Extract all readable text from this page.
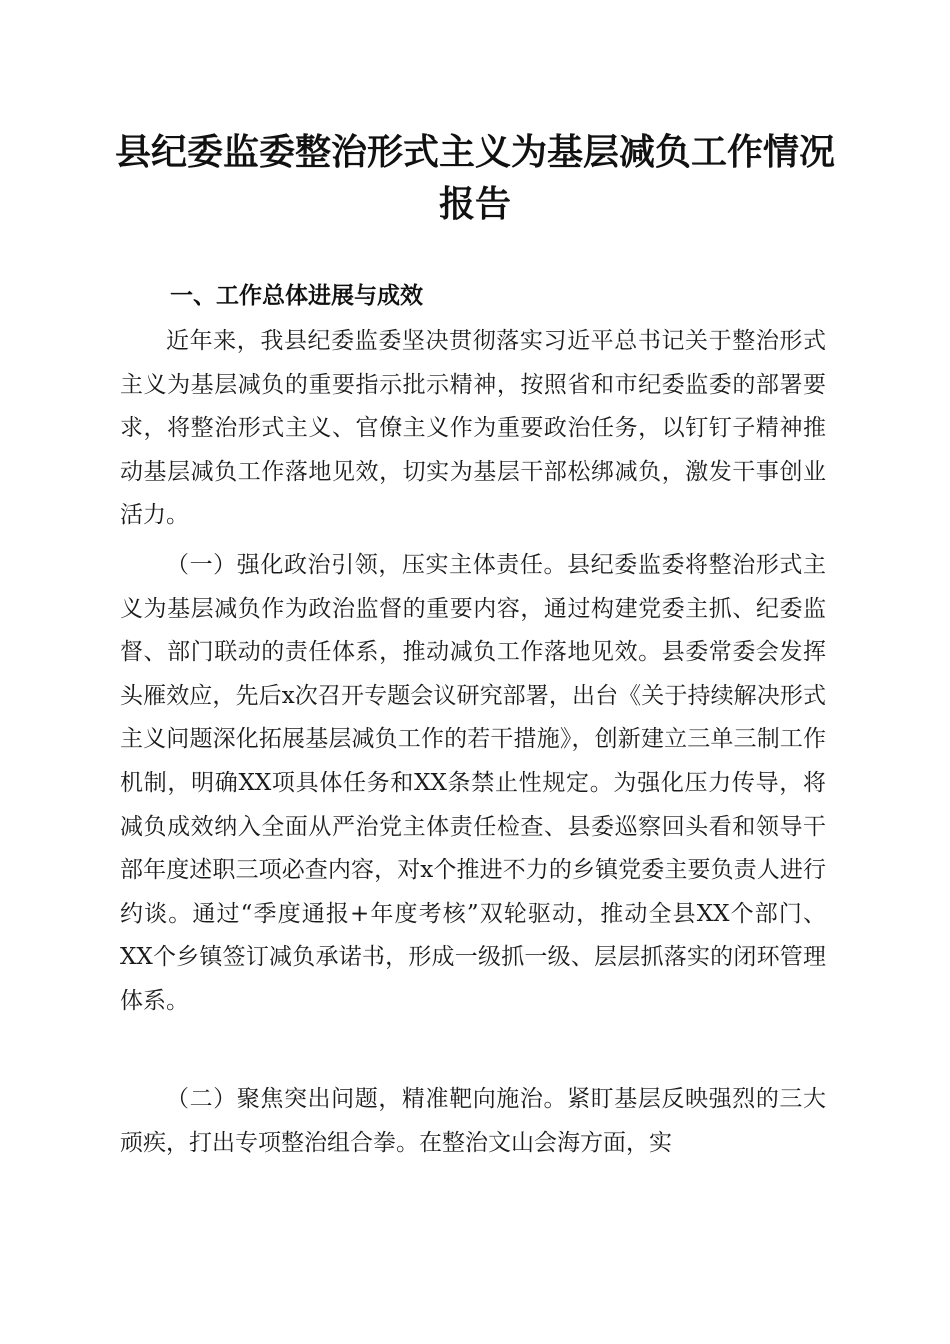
县纪委监委整治形式主义为基层减负工作情况报告
一、工作总体进展与成效

近年来，我县纪委监委坚决贯彻落实习近平总书记关于整治形式主义为基层减负的重要指示批示精神，按照省和市纪委监委的部署要求，将整治形式主义、官僚主义作为重要政治任务，以钉钉子精神推动基层减负工作落地见效，切实为基层干部松绑减负，激发干事创业活力。

（一）强化政治引领，压实主体责任。县纪委监委将整治形式主义为基层减负作为政治监督的重要内容，通过构建党委主抓、纪委监督、部门联动的责任体系，推动减负工作落地见效。县委常委会发挥头雁效应，先后x次召开专题会议研究部署，出台《关于持续解决形式主义问题深化拓展基层减负工作的若干措施》，创新建立三单三制工作机制，明确XX项具体任务和XX条禁止性规定。为强化压力传导，将减负成效纳入全面从严治党主体责任检查、县委巡察回头看和领导干部年度述职三项必查内容，对x个推进不力的乡镇党委主要负责人进行约谈。通过“季度通报+年度考核”双轮驱动，推动全县XX个部门、XX个乡镇签订减负承诺书，形成一级抓一级、层层抓落实的闭环管理体系。

（二）聚焦突出问题，精准靶向施治。紧盯基层反映强烈的三大顽疾，打出专项整治组合拳。在整治文山会海方面，实
